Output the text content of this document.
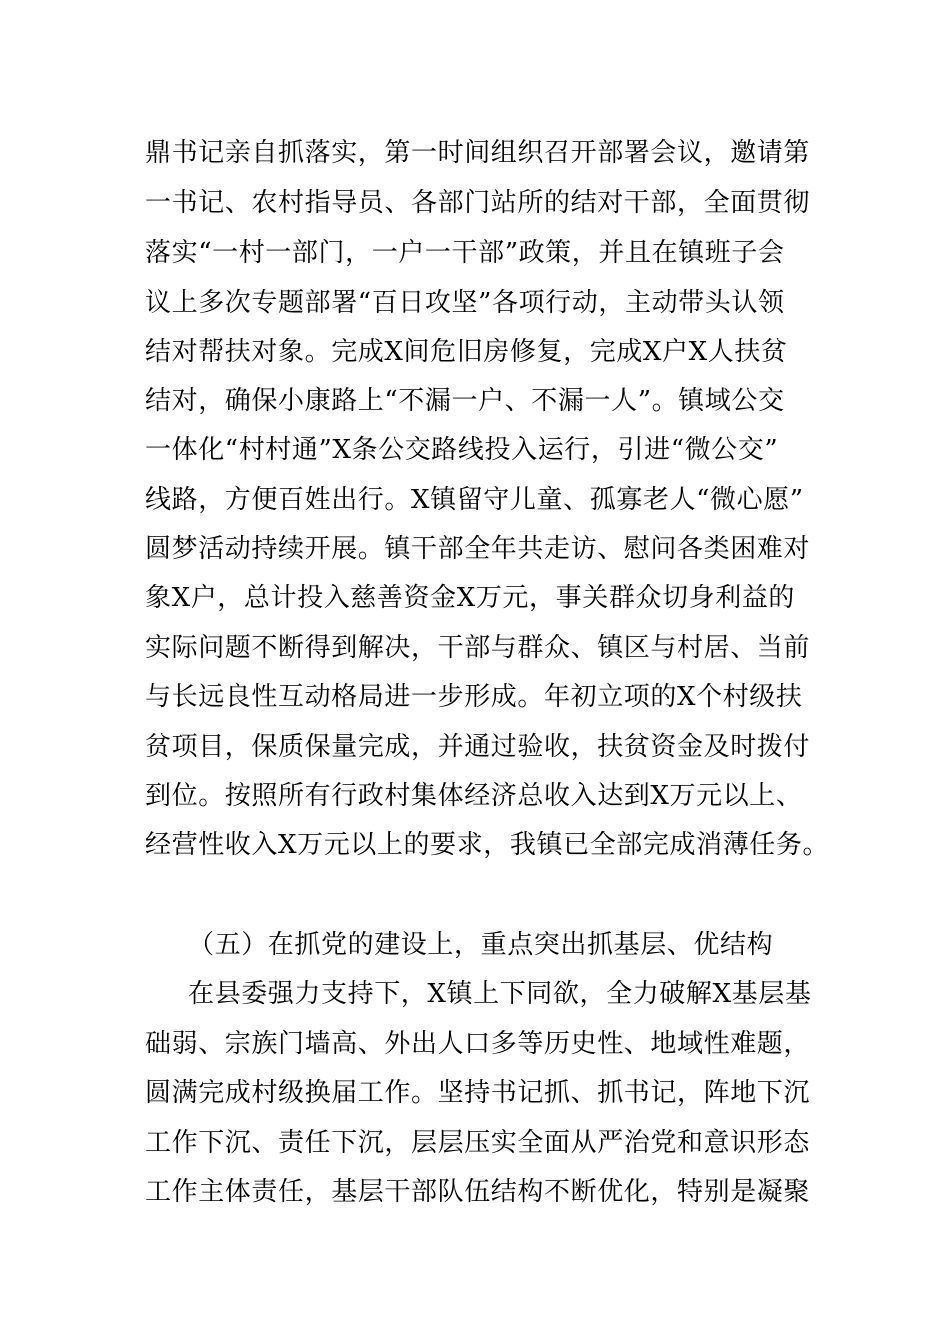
鼎书记亲自抓落实，第一时间组织召开部署会议，邀请第
一书记、农村指导员、各部门站所的结对干部，全面贯彻
落实“一村一部门，一户一干部”政策，并且在镇班子会
议上多次专题部署“百日攻坚”各项行动，主动带头认领
结对帮扶对象。完成X间危旧房修复，完成X户X人扶贫
结对，确保小康路上“不漏一户、不漏一人”。镇域公交
一体化“村村通”X条公交路线投入运行，引进“微公交”
线路，方便百姓出行。X镇留守儿童、孤寡老人“微心愿”
圆梦活动持续开展。镇干部全年共走访、慰问各类困难对
象X户，总计投入慈善资金X万元，事关群众切身利益的
实际问题不断得到解决，干部与群众、镇区与村居、当前
与长远良性互动格局进一步形成。年初立项的X个村级扶
贫项目，保质保量完成，并通过验收，扶贫资金及时拨付
到位。按照所有行政村集体经济总收入达到X万元以上、
经营性收入X万元以上的要求，我镇已全部完成消薄任务。
（五）在抓党的建设上，重点突出抓基层、优结构
在县委强力支持下，X镇上下同欲，全力破解X基层基
础弱、宗族门墙高、外出人口多等历史性、地域性难题，
圆满完成村级换届工作。坚持书记抓、抓书记，阵地下沉
工作下沉、责任下沉，层层压实全面从严治党和意识形态
工作主体责任，基层干部队伍结构不断优化，特别是凝聚
